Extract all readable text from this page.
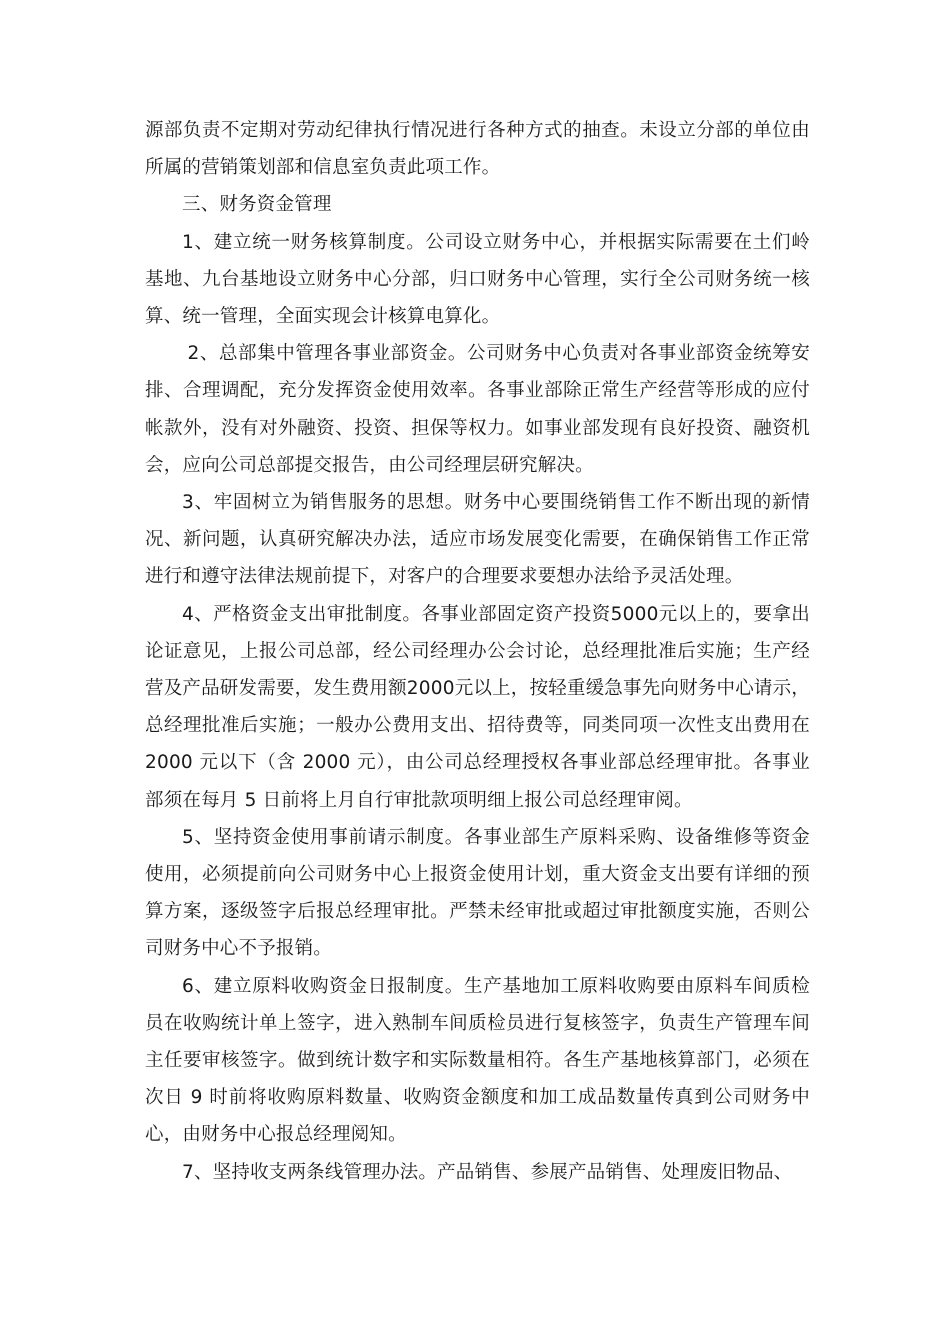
源部负责不定期对劳动纪律执行情况进行各种方式的抽查。未设立分部的单位由所属的营销策划部和信息室负责此项工作。

三、财务资金管理

1、建立统一财务核算制度。公司设立财务中心，并根据实际需要在土们岭基地、九台基地设立财务中心分部，归口财务中心管理，实行全公司财务统一核算、统一管理，全面实现会计核算电算化。

2、总部集中管理各事业部资金。公司财务中心负责对各事业部资金统筹安排、合理调配，充分发挥资金使用效率。各事业部除正常生产经营等形成的应付帐款外，没有对外融资、投资、担保等权力。如事业部发现有良好投资、融资机会，应向公司总部提交报告，由公司经理层研究解决。

3、牢固树立为销售服务的思想。财务中心要围绕销售工作不断出现的新情况、新问题，认真研究解决办法，适应市场发展变化需要，在确保销售工作正常进行和遵守法律法规前提下，对客户的合理要求要想办法给予灵活处理。

4、严格资金支出审批制度。各事业部固定资产投资5000元以上的，要拿出论证意见，上报公司总部，经公司经理办公会讨论，总经理批准后实施；生产经营及产品研发需要，发生费用额2000元以上，按轻重缓急事先向财务中心请示，总经理批准后实施；一般办公费用支出、招待费等，同类同项一次性支出费用在2000 元以下（含 2000 元），由公司总经理授权各事业部总经理审批。各事业部须在每月 5 日前将上月自行审批款项明细上报公司总经理审阅。

5、坚持资金使用事前请示制度。各事业部生产原料采购、设备维修等资金使用，必须提前向公司财务中心上报资金使用计划，重大资金支出要有详细的预算方案，逐级签字后报总经理审批。严禁未经审批或超过审批额度实施，否则公司财务中心不予报销。

6、建立原料收购资金日报制度。生产基地加工原料收购要由原料车间质检员在收购统计单上签字，进入熟制车间质检员进行复核签字，负责生产管理车间主任要审核签字。做到统计数字和实际数量相符。各生产基地核算部门，必须在次日 9 时前将收购原料数量、收购资金额度和加工成品数量传真到公司财务中心，由财务中心报总经理阅知。

7、坚持收支两条线管理办法。产品销售、参展产品销售、处理废旧物品、
